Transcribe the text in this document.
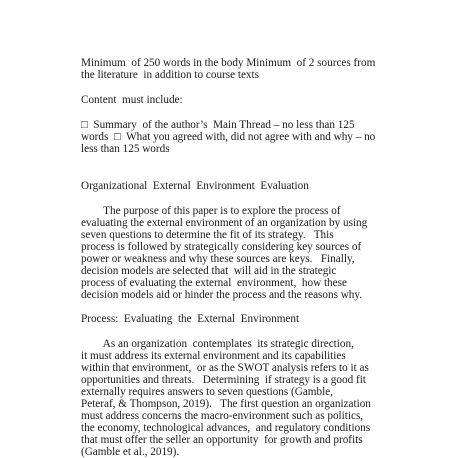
Minimum  of 250 words in the body Minimum  of 2 sources from
the literature  in addition to course texts
Content  must include:
□  Summary  of the author’s  Main Thread – no less than 125
words  □  What you agreed with, did not agree with and why – no
less than 125 words
Organizational  External  Environment  Evaluation
The purpose of this paper is to explore the process of
evaluating the external environment of an organization by using
seven questions to determine the fit of its strategy.   This
process is followed by strategically considering key sources of
power or weakness and why these sources are keys.   Finally,
decision models are selected that  will aid in the strategic
process of evaluating the external  environment,  how these
decision models aid or hinder the process and the reasons why.
Process:  Evaluating  the  External  Environment
As an organization  contemplates  its strategic direction,
it must address its external environment and its capabilities
within that environment,  or as the SWOT analysis refers to it as
opportunities and threats.   Determining  if strategy is a good fit
externally requires answers to seven questions (Gamble,
Peteraf, & Thompson, 2019).   The first question an organization
must address concerns the macro-environment such as politics,
the economy, technological advances,  and regulatory conditions
that must offer the seller an opportunity  for growth and profits
(Gamble et al., 2019).
